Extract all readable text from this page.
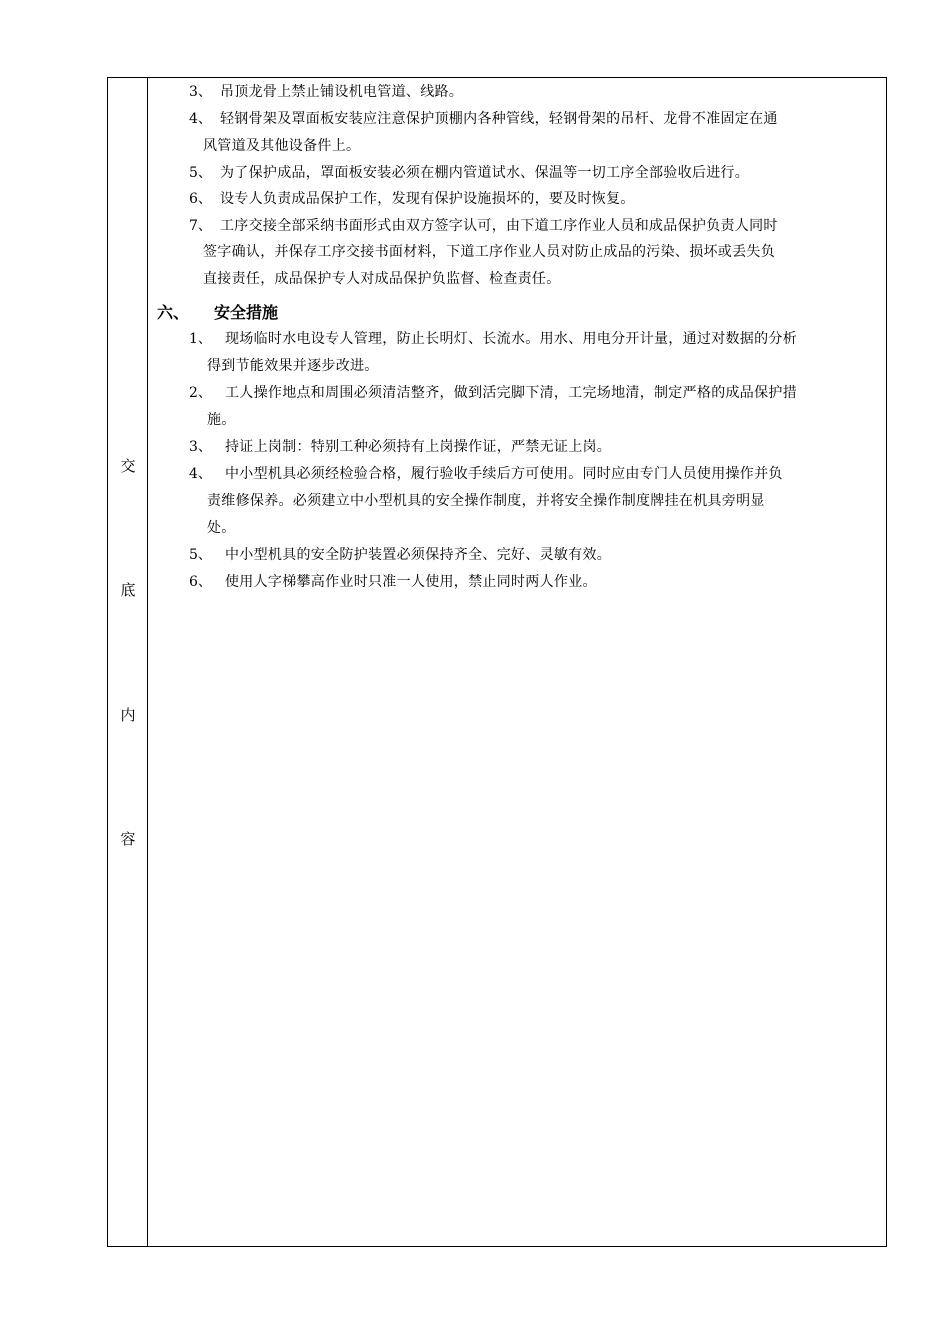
交
底
内
容
3、 吊顶龙骨上禁止铺设机电管道、线路。
4、 轻钢骨架及罩面板安装应注意保护顶棚内各种管线，轻钢骨架的吊杆、龙骨不准固定在通
风管道及其他设备件上。
5、 为了保护成品，罩面板安装必须在棚内管道试水、保温等一切工序全部验收后进行。
6、 设专人负责成品保护工作，发现有保护设施损坏的，要及时恢复。
7、 工序交接全部采纳书面形式由双方签字认可，由下道工序作业人员和成品保护负责人同时
签字确认，并保存工序交接书面材料，下道工序作业人员对防止成品的污染、损坏或丢失负
直接责任，成品保护专人对成品保护负监督、检查责任。
六、 安全措施
1、 现场临时水电设专人管理，防止长明灯、长流水。用水、用电分开计量，通过对数据的分析
得到节能效果并逐步改进。
2、 工人操作地点和周围必须清洁整齐，做到活完脚下清，工完场地清，制定严格的成品保护措
施。
3、 持证上岗制：特别工种必须持有上岗操作证，严禁无证上岗。
4、 中小型机具必须经检验合格，履行验收手续后方可使用。同时应由专门人员使用操作并负
责维修保养。必须建立中小型机具的安全操作制度，并将安全操作制度牌挂在机具旁明显
处。
5、 中小型机具的安全防护装置必须保持齐全、完好、灵敏有效。
6、 使用人字梯攀高作业时只准一人使用，禁止同时两人作业。
